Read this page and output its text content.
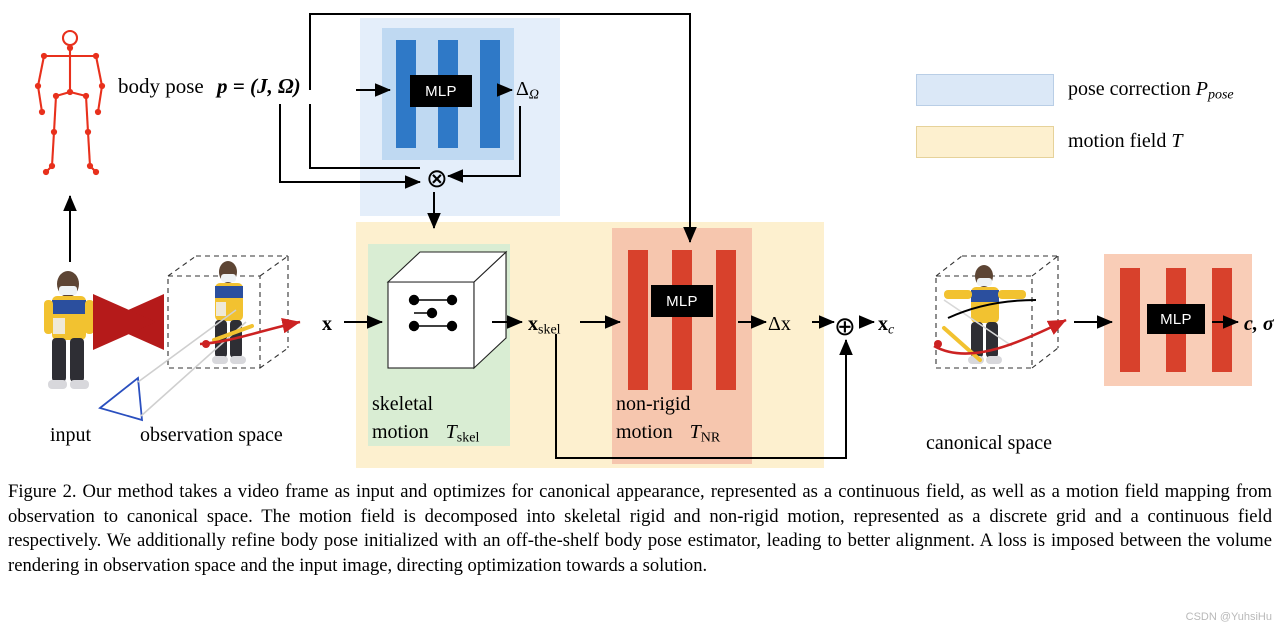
MLP
MLP
MLP
pose correction $P_{pose}$
motion field T
body pose p = (J, Ω)	$\Delta_\Omega$
x	$x_{skel}$	Δx	$x_c$	c, σ
skeletal
motion $T_{skel}$
non-rigid
motion $T_{NR}$
input observation space	canonical space
⊗
⊕
Figure 2. Our method takes a video frame as input and optimizes for canonical appearance, represented as a continuous field, as well as a motion field mapping from observation to canonical space. The motion field is decomposed into skeletal rigid and non-rigid motion, represented as a discrete grid and a continuous field respectively. We additionally refine body pose initialized with an off-the-shelf body pose estimator, leading to better alignment. A loss is imposed between the volume rendering in observation space and the input image, directing optimization towards a solution.
CSDN @YuhsiHu
